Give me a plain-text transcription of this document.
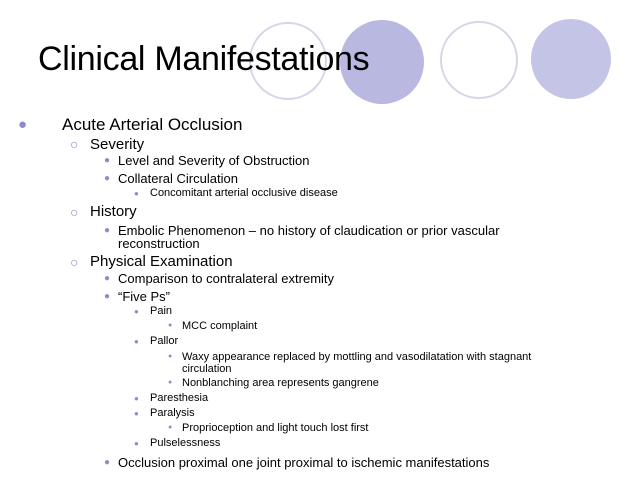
Clinical Manifestations
● Acute Arterial Occlusion
○ Severity
● Level and Severity of Obstruction
● Collateral Circulation
● Concomitant arterial occlusive disease
○ History
● Embolic Phenomenon – no history of claudication or prior vascular
reconstruction
○ Physical Examination
● Comparison to contralateral extremity
● “Five Ps”
● Pain
● MCC complaint
● Pallor
● Waxy appearance replaced by mottling and vasodilatation with stagnant
circulation
● Nonblanching area represents gangrene
● Paresthesia
● Paralysis
● Proprioception and light touch lost first
● Pulselessness
● Occlusion proximal one joint proximal to ischemic manifestations
